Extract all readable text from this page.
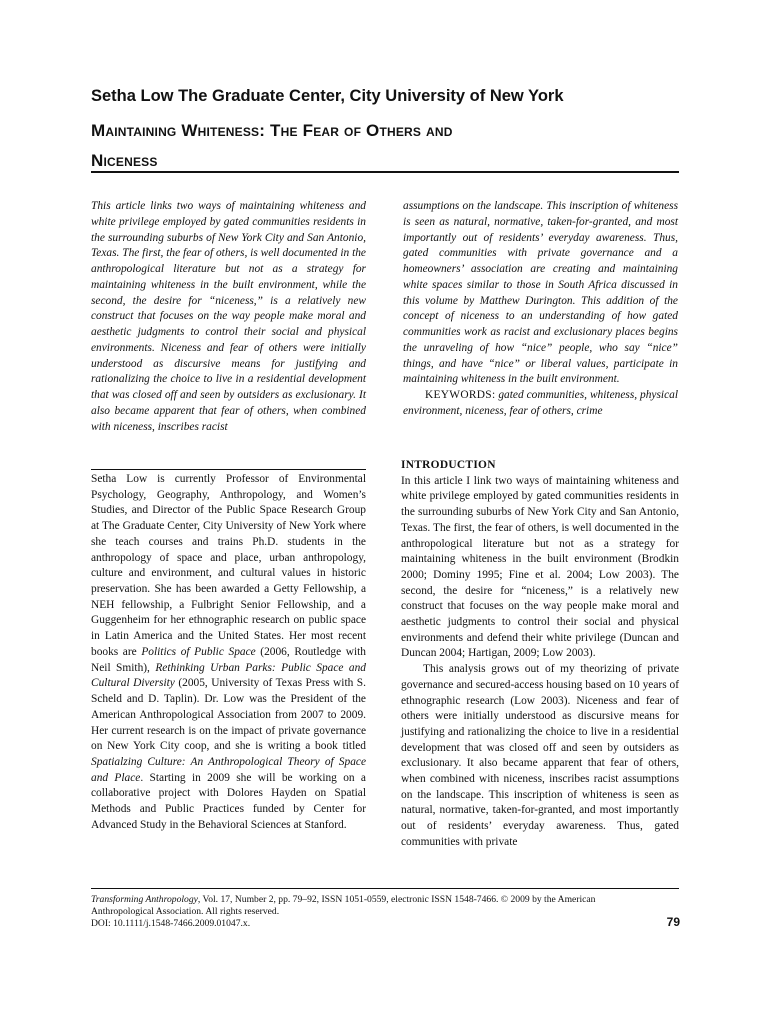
Setha Low The Graduate Center, City University of New York
Maintaining Whiteness: The Fear of Others and
Niceness

This article links two ways of maintaining whiteness and white privilege employed by gated communities residents in the surrounding suburbs of New York City and San Antonio, Texas. The first, the fear of others, is well documented in the anthropological literature but not as a strategy for maintaining whiteness in the built environment, while the second, the desire for “niceness,” is a relatively new construct that focuses on the way people make moral and aesthetic judgments to control their social and physical environments. Niceness and fear of others were initially understood as discursive means for justifying and rationalizing the choice to live in a residential development that was closed off and seen by outsiders as exclusionary. It also became apparent that fear of others, when combined with niceness, inscribes racist

assumptions on the landscape. This inscription of whiteness is seen as natural, normative, taken-for-granted, and most importantly out of residents’ everyday awareness. Thus, gated communities with private governance and a homeowners’ association are creating and maintaining white spaces similar to those in South Africa discussed in this volume by Matthew Durington. This addition of the concept of niceness to an understanding of how gated communities work as racist and exclusionary places begins the unraveling of how “nice” people, who say “nice” things, and have “nice” or liberal values, participate in maintaining whiteness in the built environment.

KEYWORDS: gated communities, whiteness, physical environment, niceness, fear of others, crime

Setha Low is currently Professor of Environmental Psychology, Geography, Anthropology, and Women’s Studies, and Director of the Public Space Research Group at The Graduate Center, City University of New York where she teach courses and trains Ph.D. students in the anthropology of space and place, urban anthropology, culture and environment, and cultural values in historic preservation. She has been awarded a Getty Fellowship, a NEH fellowship, a Fulbright Senior Fellowship, and a Guggenheim for her ethnographic research on public space in Latin America and the United States. Her most recent books are Politics of Public Space (2006, Routledge with Neil Smith), Rethinking Urban Parks: Public Space and Cultural Diversity (2005, University of Texas Press with S. Scheld and D. Taplin). Dr. Low was the President of the American Anthropological Association from 2007 to 2009. Her current research is on the impact of private governance on New York City coop, and she is writing a book titled Spatialzing Culture: An Anthropological Theory of Space and Place. Starting in 2009 she will be working on a collaborative project with Dolores Hayden on Spatial Methods and Public Practices funded by Center for Advanced Study in the Behavioral Sciences at Stanford.

INTRODUCTION

In this article I link two ways of maintaining whiteness and white privilege employed by gated communities residents in the surrounding suburbs of New York City and San Antonio, Texas. The first, the fear of others, is well documented in the anthropological literature but not as a strategy for maintaining whiteness in the built environment (Brodkin 2000; Dominy 1995; Fine et al. 2004; Low 2003). The second, the desire for “niceness,” is a relatively new construct that focuses on the way people make moral and aesthetic judgments to control their social and physical environments and defend their white privilege (Duncan and Duncan 2004; Hartigan, 2009; Low 2003).

This analysis grows out of my theorizing of private governance and secured-access housing based on 10 years of ethnographic research (Low 2003). Niceness and fear of others were initially understood as discursive means for justifying and rationalizing the choice to live in a residential development that was closed off and seen by outsiders as exclusionary. It also became apparent that fear of others, when combined with niceness, inscribes racist assumptions on the landscape. This inscription of whiteness is seen as natural, normative, taken-for-granted, and most importantly out of residents’ everyday awareness. Thus, gated communities with private

Transforming Anthropology, Vol. 17, Number 2, pp. 79–92, ISSN 1051-0559, electronic ISSN 1548-7466. © 2009 by the American Anthropological Association. All rights reserved.

DOI: 10.1111/j.1548-7466.2009.01047.x.	79
